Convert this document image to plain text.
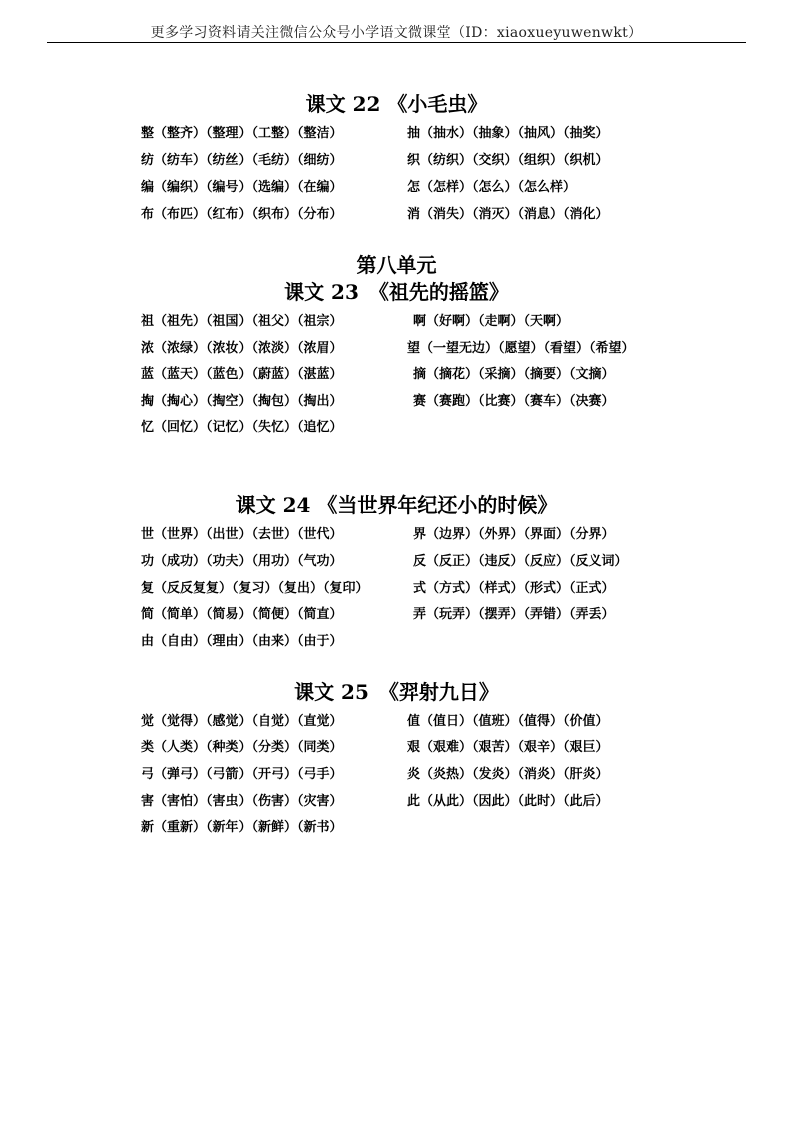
更多学习资料请关注微信公众号小学语文微课堂（ID：xiaoxueyuwenwkt）
课文 22 《小毛虫》
整（整齐）（整理）（工整）（整洁）
纺（纺车）（纺丝）（毛纺）（细纺）
编（编织）（编号）（选编）（在编）
布（布匹）（红布）（织布）（分布）
抽（抽水）（抽象）（抽风）（抽奖）
织（纺织）（交织）（组织）（织机）
怎（怎样）（怎么）（怎么样）
消（消失）（消灭）（消息）（消化）
第八单元
课文 23　《祖先的摇篮》
祖（祖先）（祖国）（祖父）（祖宗）
浓（浓绿）（浓妆）（浓淡）（浓眉）
蓝（蓝天）（蓝色）（蔚蓝）（湛蓝）
掏（掏心）（掏空）（掏包）（掏出）
忆（回忆）（记忆）（失忆）（追忆）
啊（好啊）（走啊）（天啊）
望（一望无边）（愿望）（看望）（希望）
摘（摘花）（采摘）（摘要）（文摘）
赛（赛跑）（比赛）（赛车）（决赛）
课文 24 《当世界年纪还小的时候》
世（世界）（出世）（去世）（世代）
功（成功）（功夫）（用功）（气功）
复（反反复复）（复习）（复出）（复印）
简（简单）（简易）（简便）（简直）
由（自由）（理由）（由来）（由于）
界（边界）（外界）（界面）（分界）
反（反正）（违反）（反应）（反义词）
式（方式）（样式）（形式）（正式）
弄（玩弄）（摆弄）（弄错）（弄丢）
课文 25　《羿射九日》
觉（觉得）（感觉）（自觉）（直觉）
类（人类）（种类）（分类）（同类）
弓（弹弓）（弓箭）（开弓）（弓手）
害（害怕）（害虫）（伤害）（灾害）
新（重新）（新年）（新鲜）（新书）
值（值日）（值班）（值得）（价值）
艰（艰难）（艰苦）（艰辛）（艰巨）
炎（炎热）（发炎）（消炎）（肝炎）
此（从此）（因此）（此时）（此后）
